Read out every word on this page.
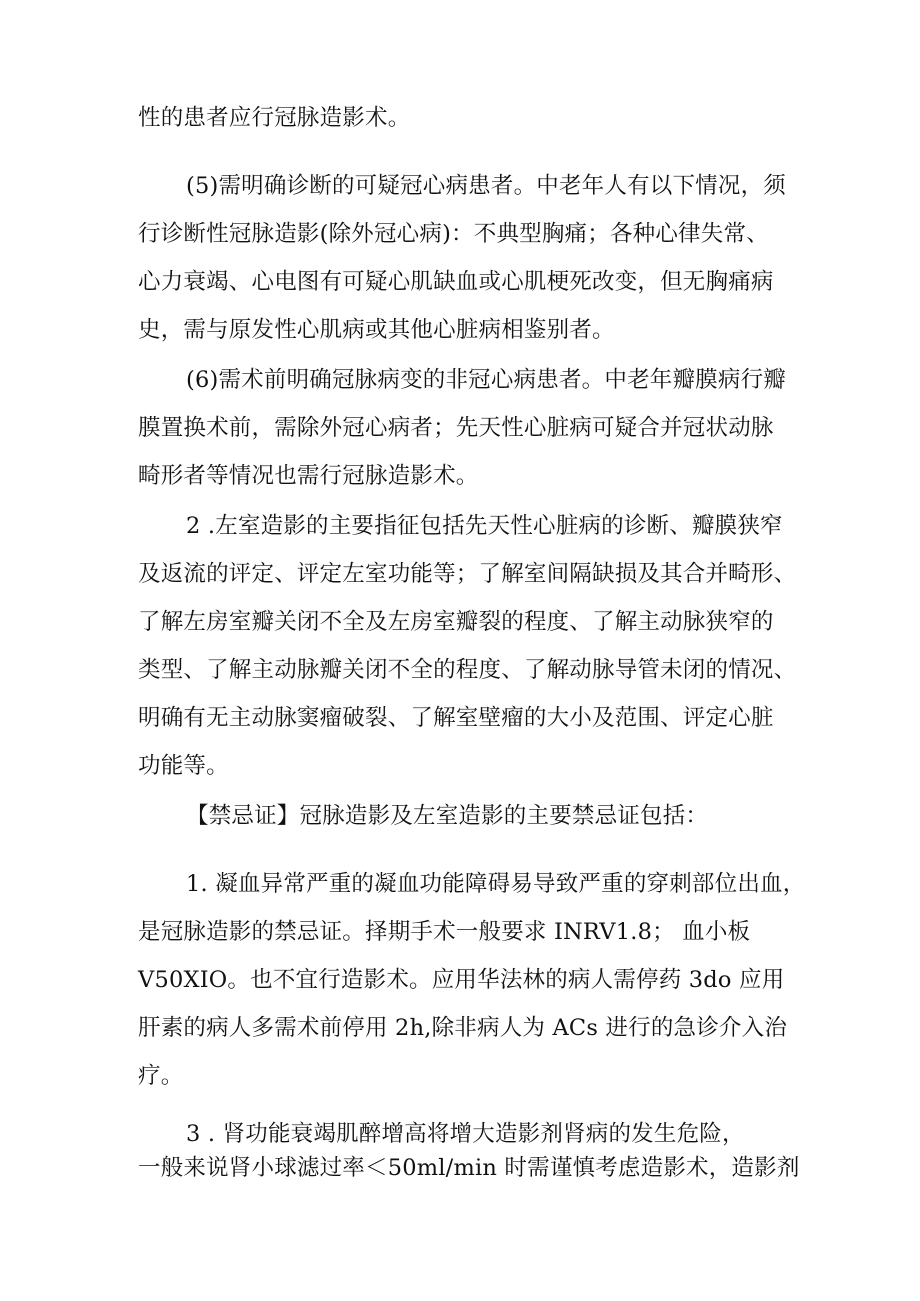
性的患者应行冠脉造影术。
(5)需明确诊断的可疑冠心病患者。中老年人有以下情况，须
行诊断性冠脉造影(除外冠心病)：不典型胸痛；各种心律失常、
心力衰竭、心电图有可疑心肌缺血或心肌梗死改变，但无胸痛病
史，需与原发性心肌病或其他心脏病相鉴别者。
(6)需术前明确冠脉病变的非冠心病患者。中老年瓣膜病行瓣
膜置换术前，需除外冠心病者；先天性心脏病可疑合并冠状动脉
畸形者等情况也需行冠脉造影术。
2 .左室造影的主要指征包括先天性心脏病的诊断、瓣膜狭窄
及返流的评定、评定左室功能等；了解室间隔缺损及其合并畸形、
了解左房室瓣关闭不全及左房室瓣裂的程度、了解主动脉狭窄的
类型、了解主动脉瓣关闭不全的程度、了解动脉导管未闭的情况、
明确有无主动脉窦瘤破裂、了解室壁瘤的大小及范围、评定心脏
功能等。
【禁忌证】冠脉造影及左室造影的主要禁忌证包括：
1. 凝血异常严重的凝血功能障碍易导致严重的穿刺部位出血，
是冠脉造影的禁忌证。择期手术一般要求 INRV1.8； 血小板
V50XIO。也不宜行造影术。应用华法林的病人需停药 3do 应用
肝素的病人多需术前停用 2h,除非病人为 ACs 进行的急诊介入治
疗。
3 . 肾功能衰竭肌醉增高将增大造影剂肾病的发生危险，
一般来说肾小球滤过率＜50ml/min 时需谨慎考虑造影术，造影剂
